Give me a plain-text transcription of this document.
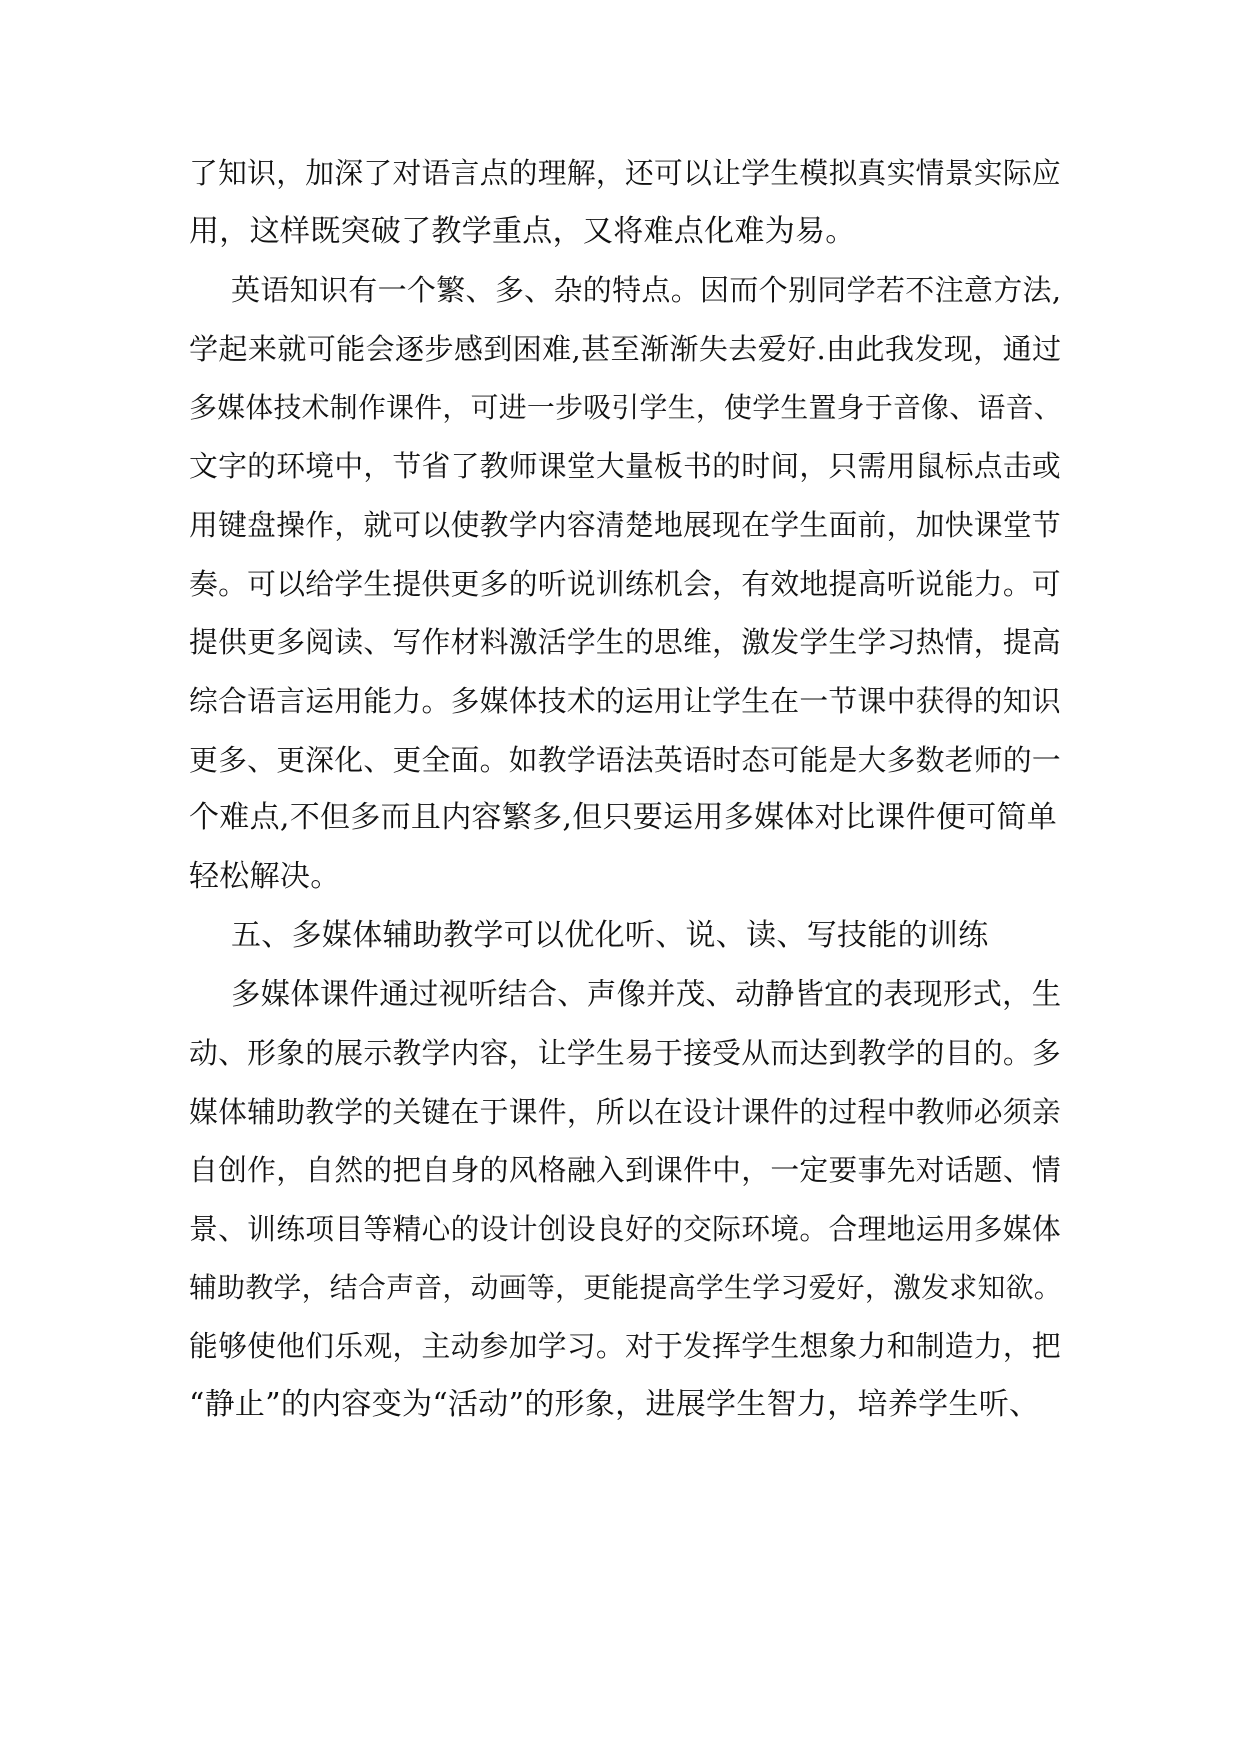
了知识，加深了对语言点的理解，还可以让学生模拟真实情景实际应
用，这样既突破了教学重点，又将难点化难为易。
英语知识有一个繁、多、杂的特点。因而个别同学若不注意方法,
学起来就可能会逐步感到困难,甚至渐渐失去爱好.由此我发现，通过
多媒体技术制作课件，可进一步吸引学生，使学生置身于音像、语音、
文字的环境中，节省了教师课堂大量板书的时间，只需用鼠标点击或
用键盘操作，就可以使教学内容清楚地展现在学生面前，加快课堂节
奏。可以给学生提供更多的听说训练机会，有效地提高听说能力。可
提供更多阅读、写作材料激活学生的思维，激发学生学习热情，提高
综合语言运用能力。多媒体技术的运用让学生在一节课中获得的知识
更多、更深化、更全面。如教学语法英语时态可能是大多数老师的一
个难点,不但多而且内容繁多,但只要运用多媒体对比课件便可简单
轻松解决。
五、多媒体辅助教学可以优化听、说、读、写技能的训练
多媒体课件通过视听结合、声像并茂、动静皆宜的表现形式，生
动、形象的展示教学内容，让学生易于接受从而达到教学的目的。多
媒体辅助教学的关键在于课件，所以在设计课件的过程中教师必须亲
自创作，自然的把自身的风格融入到课件中，一定要事先对话题、情
景、训练项目等精心的设计创设良好的交际环境。合理地运用多媒体
辅助教学，结合声音，动画等，更能提高学生学习爱好，激发求知欲。
能够使他们乐观，主动参加学习。对于发挥学生想象力和制造力，把
“静止”的内容变为“活动”的形象，进展学生智力，培养学生听、
